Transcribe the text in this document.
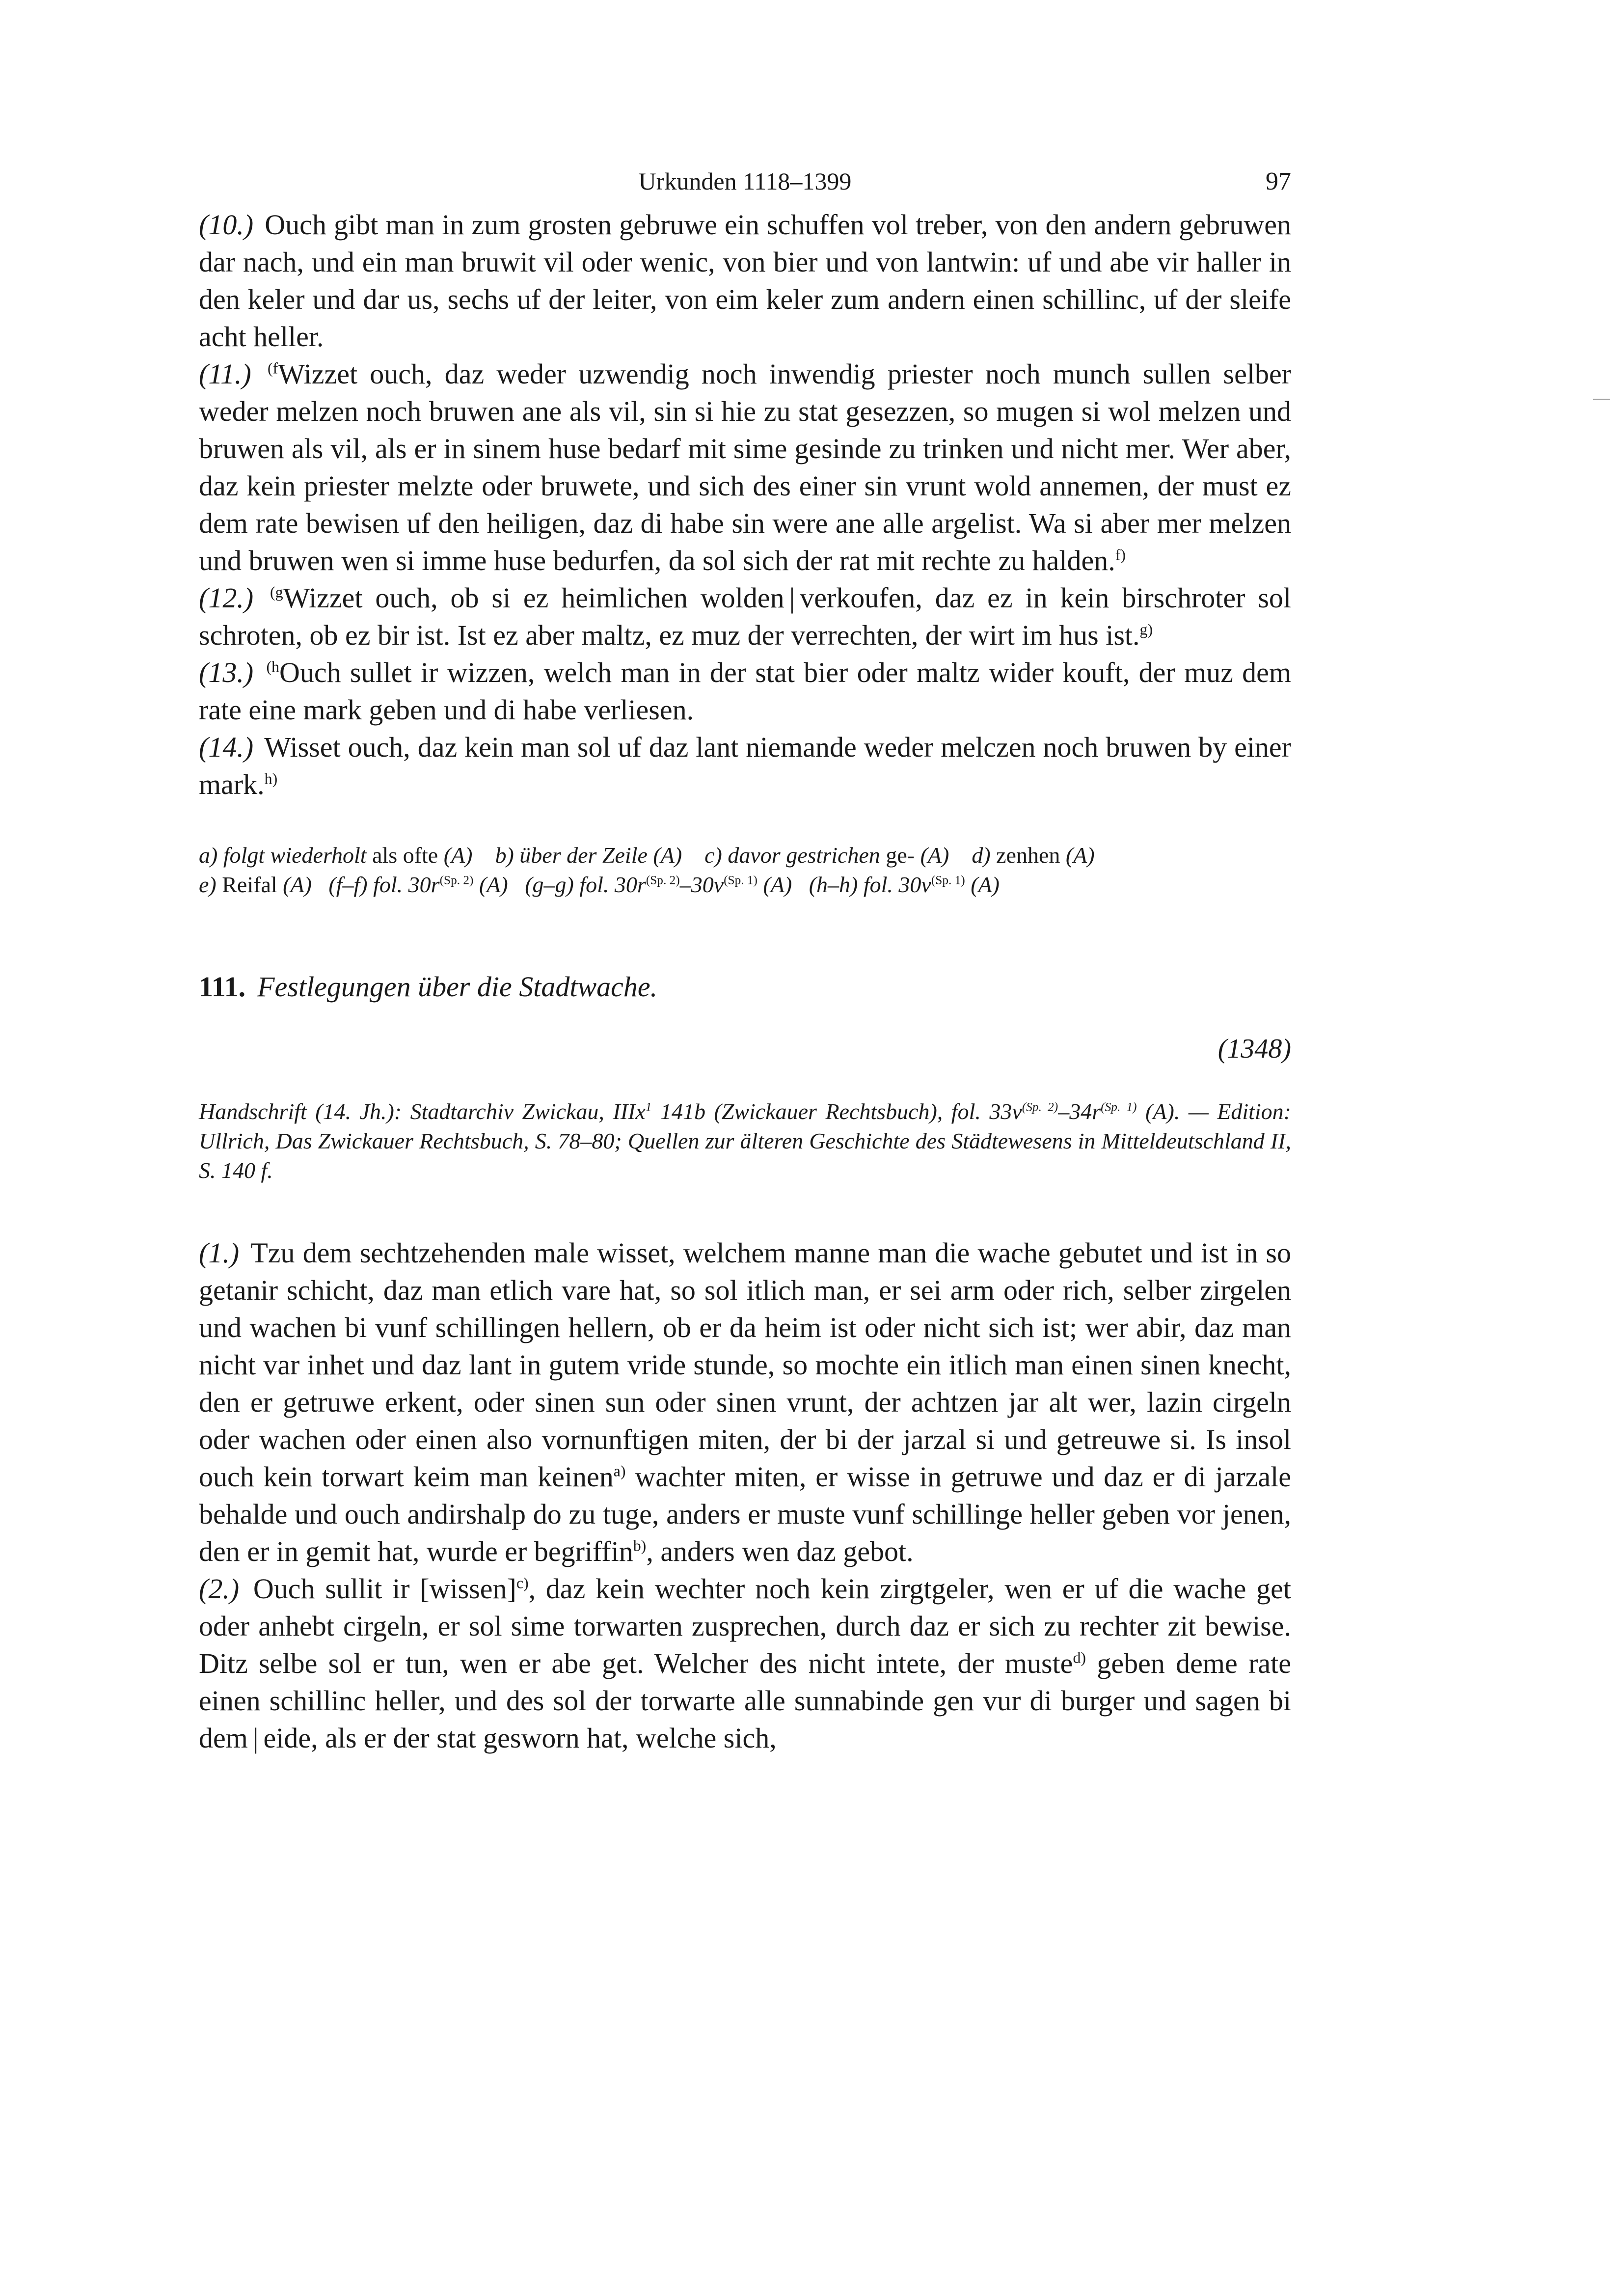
Urkunden 1118–1399	97

(10.) Ouch gibt man in zum grosten gebruwe ein schuffen vol treber, von den andern gebruwen dar nach, und ein man bruwit vil oder wenic, von bier und von lantwin: uf und abe vir haller in den keler und dar us, sechs uf der leiter, von eim keler zum andern einen schillinc, uf der sleife acht heller.

(11.) $^{(f}$Wizzet ouch, daz weder uzwendig noch inwendig priester noch munch sullen selber weder melzen noch bruwen ane als vil, sin si hie zu stat gesezzen, so mugen si wol melzen und bruwen als vil, als er in sinem huse bedarf mit sime gesinde zu trinken und nicht mer. Wer aber, daz kein priester melzte oder bruwete, und sich des einer sin vrunt wold annemen, der must ez dem rate bewisen uf den heiligen, daz di habe sin were ane alle argelist. Wa si aber mer melzen und bruwen wen si imme huse bedurfen, da sol sich der rat mit rechte zu halden.$^{f)}$

(12.) $^{(g}$Wizzet ouch, ob si ez heimlichen wolden | verkoufen, daz ez in kein birschroter sol schroten, ob ez bir ist. Ist ez aber maltz, ez muz der verrechten, der wirt im hus ist.$^{g)}$

(13.) $^{(h}$Ouch sullet ir wizzen, welch man in der stat bier oder maltz wider kouft, der muz dem rate eine mark geben und di habe verliesen.

(14.) Wisset ouch, daz kein man sol uf daz lant niemande weder melczen noch bruwen by einer mark.$^{h)}$

a) folgt wiederholt als ofte (A) b) über der Zeile (A) c) davor gestrichen ge- (A) d) zenhen (A)
e) Reifal (A) (f–f) fol. $30r^{(Sp. 2)}$ (A) (g–g) fol. $30r^{(Sp. 2)}-30v^{(Sp. 1)}$ (A) (h–h) fol. $30v^{(Sp. 1)}$ (A)
111. Festlegungen über die Stadtwache.
(1348)
Handschrift (14. Jh.): Stadtarchiv Zwickau, IIIx$^1$ 141b (Zwickauer Rechtsbuch), fol. $33v^{(Sp. 2)}-34r^{(Sp. 1)}$ (A). — Edition: Ullrich, Das Zwickauer Rechtsbuch, S. 78–80; Quellen zur älteren Geschichte des Städtewesens in Mitteldeutschland II, S. 140 f.

(1.) Tzu dem sechtzehenden male wisset, welchem manne man die wache gebutet und ist in so getanir schicht, daz man etlich vare hat, so sol itlich man, er sei arm oder rich, selber zirgelen und wachen bi vunf schillingen hellern, ob er da heim ist oder nicht sich ist; wer abir, daz man nicht var inhet und daz lant in gutem vride stunde, so mochte ein itlich man einen sinen knecht, den er getruwe erkent, oder sinen sun oder sinen vrunt, der achtzen jar alt wer, lazin cirgeln oder wachen oder einen also vornunftigen miten, der bi der jarzal si und getreuwe si. Is insol ouch kein torwart keim man keinen$^{a)}$ wachter miten, er wisse in getruwe und daz er di jarzale behalde und ouch andirshalp do zu tuge, anders er muste vunf schillinge heller geben vor jenen, den er in gemit hat, wurde er begriffin$^{b)}$, anders wen daz gebot.

(2.) Ouch sullit ir [wissen]$^{c)}$, daz kein wechter noch kein zirgtgeler, wen er uf die wache get oder anhebt cirgeln, er sol sime torwarten zusprechen, durch daz er sich zu rechter zit bewise. Ditz selbe sol er tun, wen er abe get. Welcher des nicht intete, der muste$^{d)}$ geben deme rate einen schillinc heller, und des sol der torwarte alle sunnabinde gen vur di burger und sagen bi dem | eide, als er der stat gesworn hat, welche sich,
